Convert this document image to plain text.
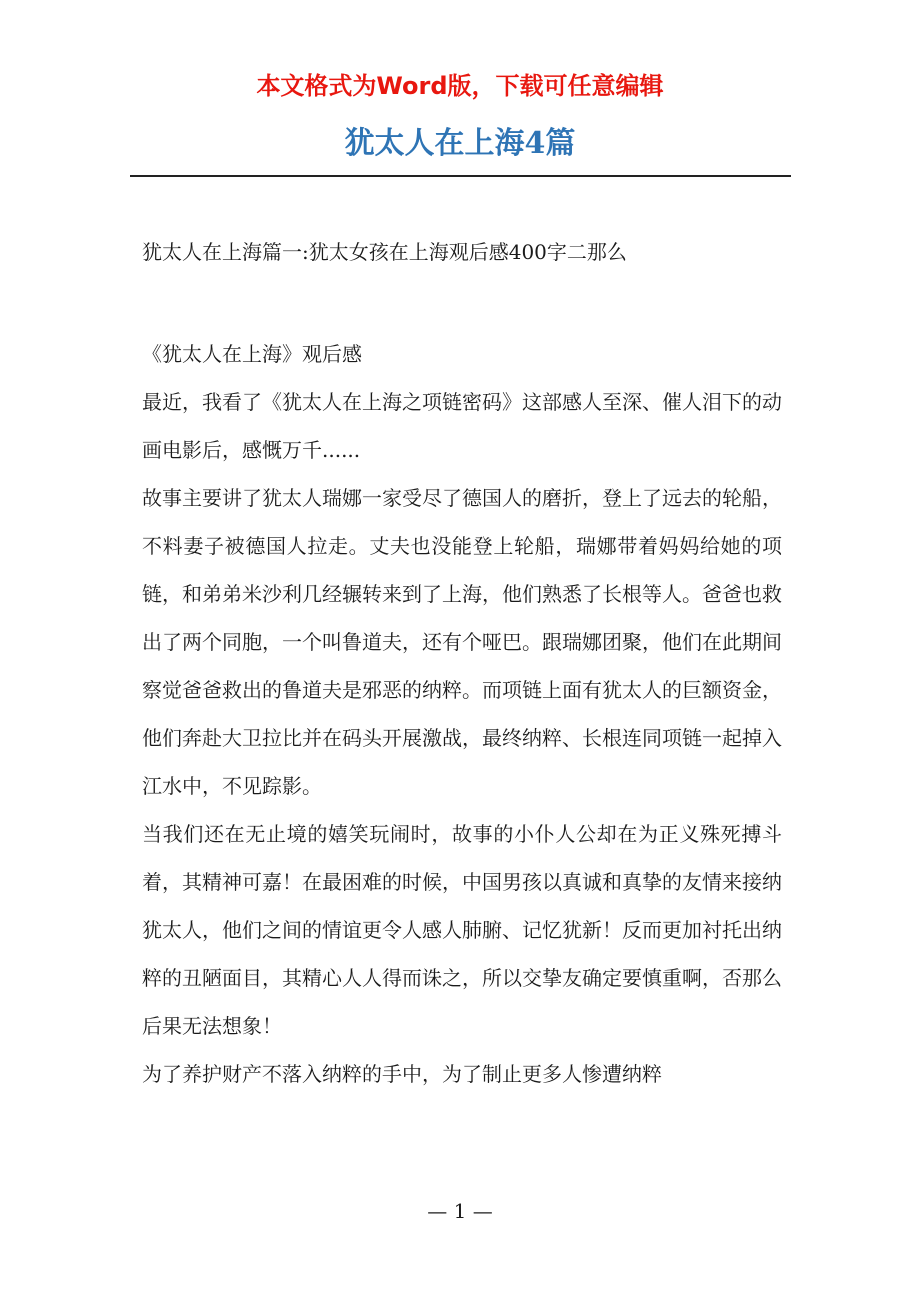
本文格式为Word版，下载可任意编辑
犹太人在上海4篇
犹太人在上海篇一:犹太女孩在上海观后感400字二那么

《犹太人在上海》观后感

最近，我看了《犹太人在上海之项链密码》这部感人至深、催人泪下的动画电影后，感慨万千......

故事主要讲了犹太人瑞娜一家受尽了德国人的磨折，登上了远去的轮船，不料妻子被德国人拉走。丈夫也没能登上轮船，瑞娜带着妈妈给她的项链，和弟弟米沙利几经辗转来到了上海，他们熟悉了长根等人。爸爸也救出了两个同胞，一个叫鲁道夫，还有个哑巴。跟瑞娜团聚，他们在此期间察觉爸爸救出的鲁道夫是邪恶的纳粹。而项链上面有犹太人的巨额资金，他们奔赴大卫拉比并在码头开展激战，最终纳粹、长根连同项链一起掉入江水中，不见踪影。

当我们还在无止境的嬉笑玩闹时，故事的小仆人公却在为正义殊死搏斗着，其精神可嘉！在最困难的时候，中国男孩以真诚和真挚的友情来接纳犹太人，他们之间的情谊更令人感人肺腑、记忆犹新！反而更加衬托出纳粹的丑陋面目，其精心人人得而诛之，所以交挚友确定要慎重啊，否那么后果无法想象！

为了养护财产不落入纳粹的手中，为了制止更多人惨遭纳粹

— 1 —
